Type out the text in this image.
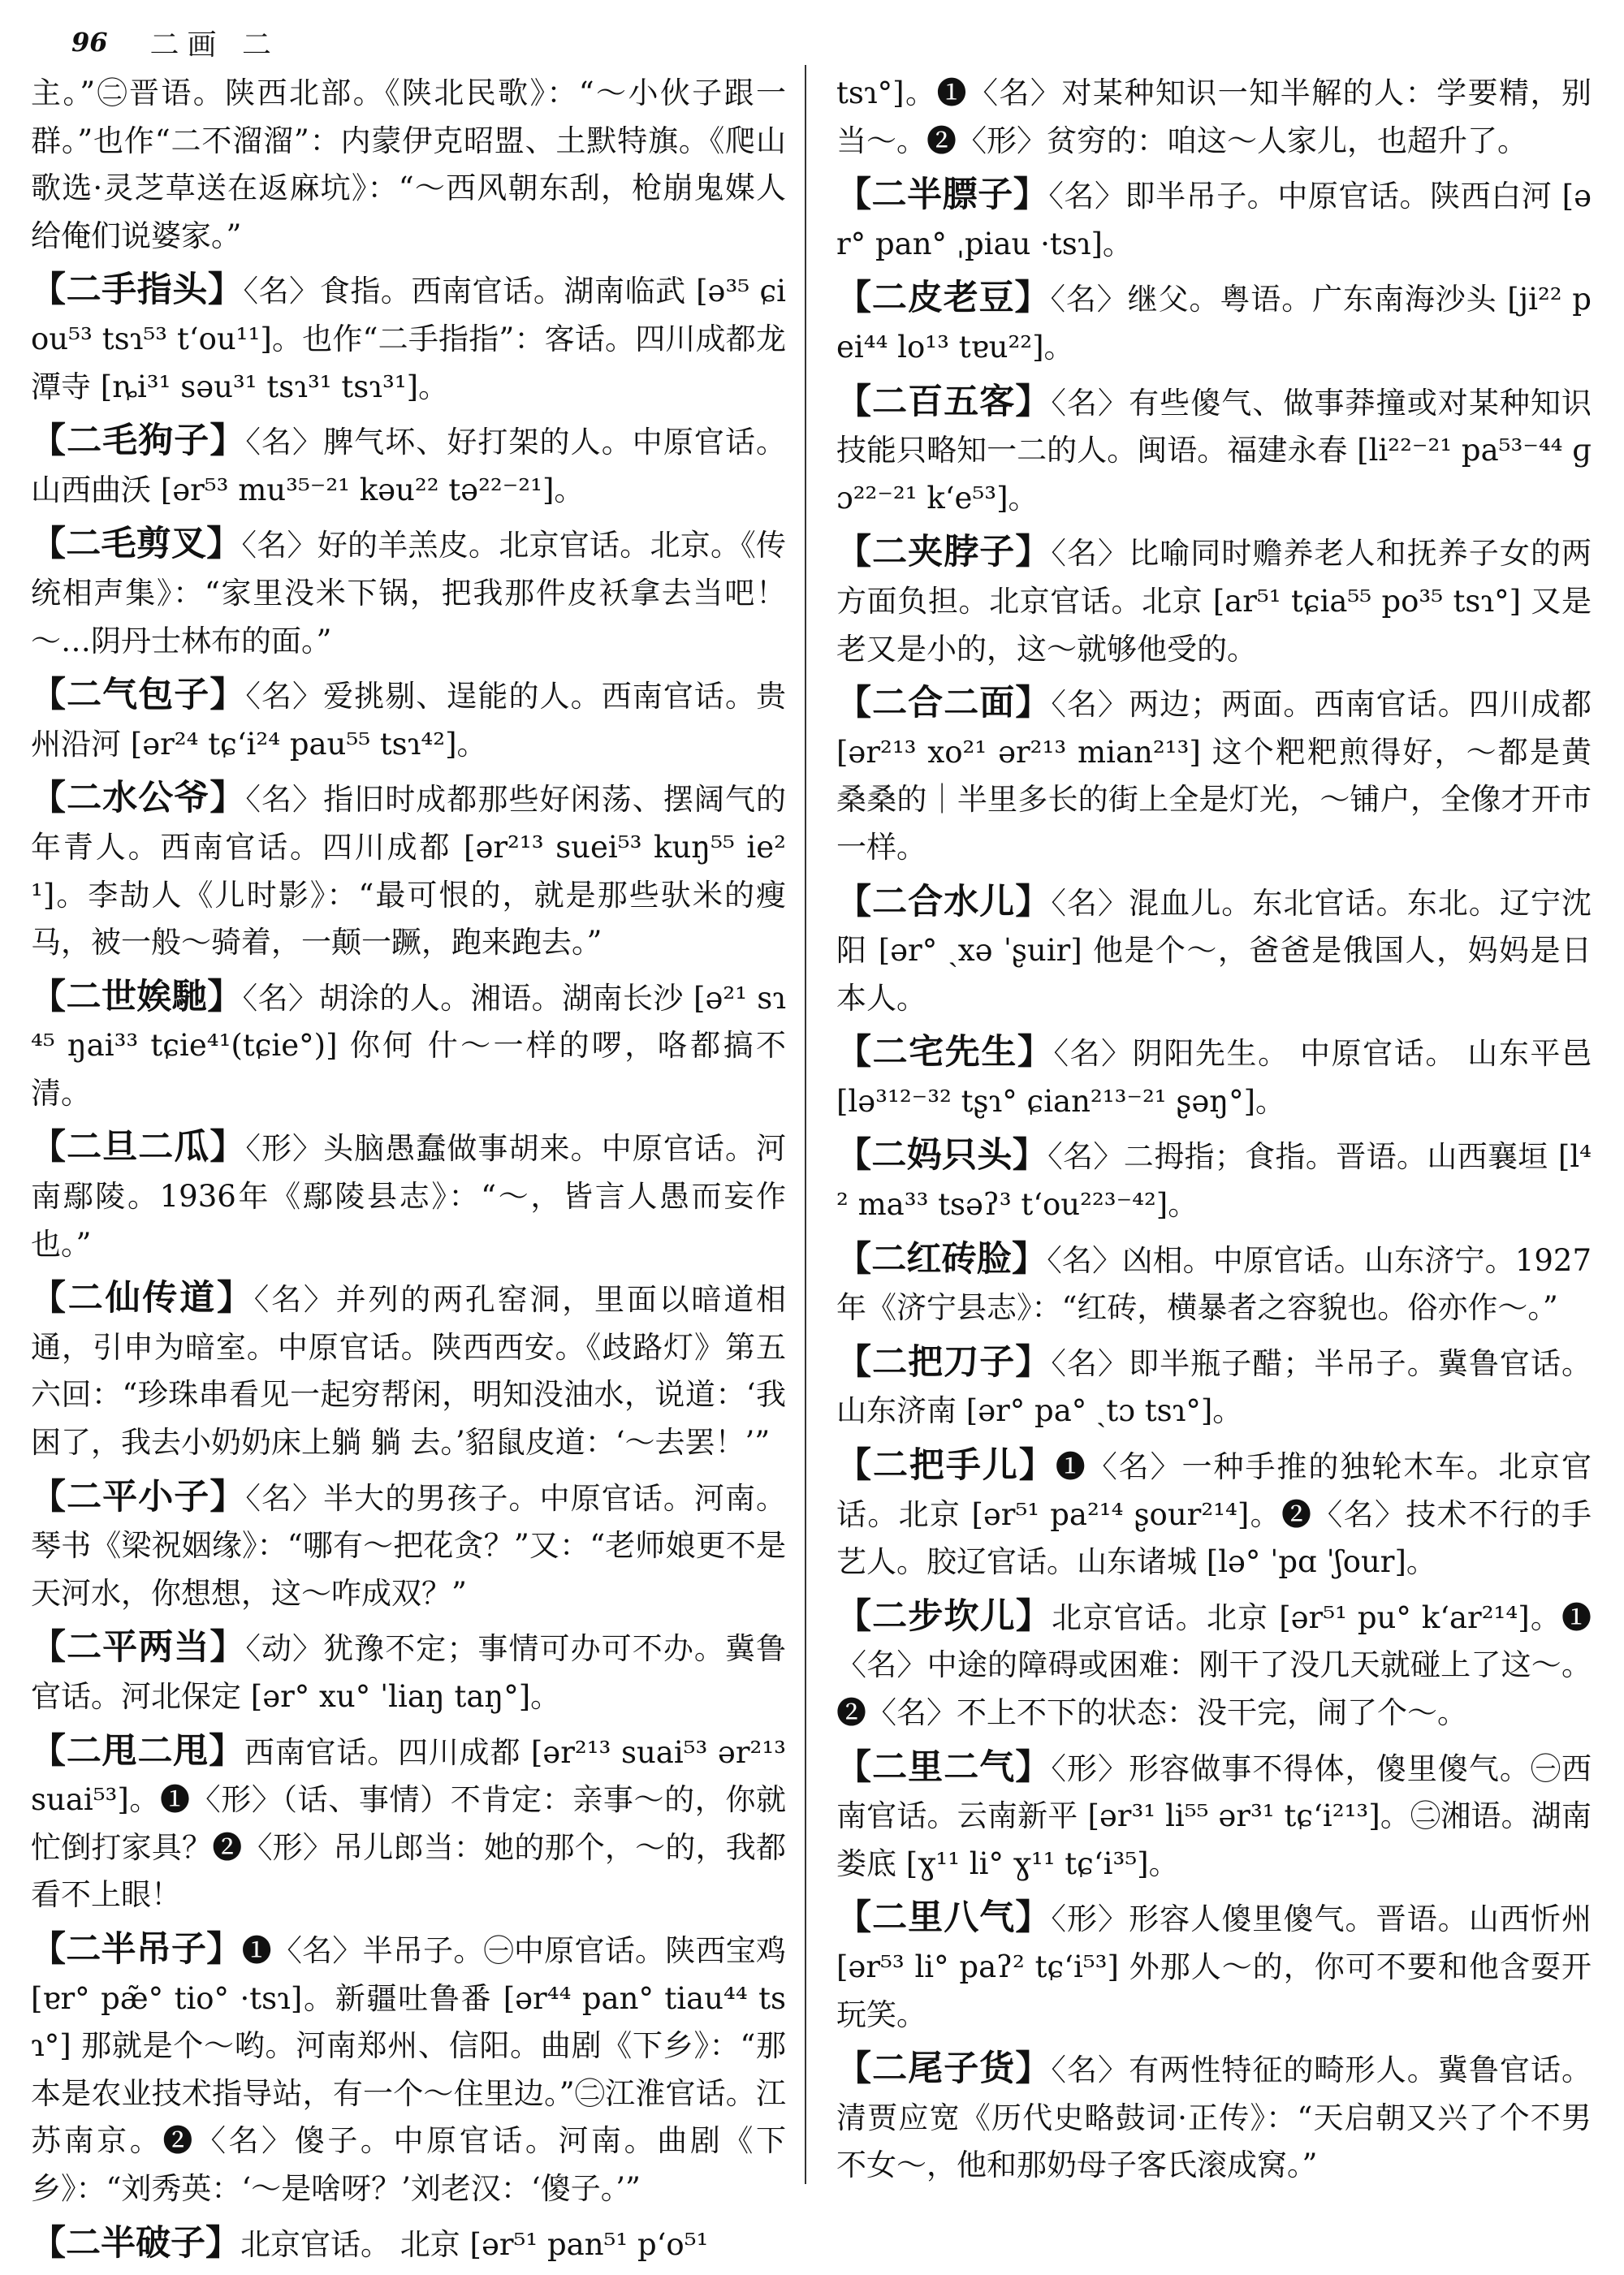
96 二画 二

主。”㊁晋语。陕西北部。《陕北民歌》：“～小伙子跟一群。”也作“二不溜溜”：内蒙伊克昭盟、土默特旗。《爬山歌选·灵芝草送在返麻坑》：“～西风朝东刮，枪崩鬼媒人给俺们说婆家。”

【二手指头】〈名〉食指。西南官话。湖南临武 [ə³⁵ ɕiou⁵³ tsɿ⁵³ tʻou¹¹]。也作“二手指指”：客话。四川成都龙潭寺 [ȵi³¹ səu³¹ tsɿ³¹ tsɿ³¹]。

【二毛狗子】〈名〉脾气坏、好打架的人。中原官话。山西曲沃 [ər⁵³ mu³⁵⁻²¹ kəu²² tə²²⁻²¹]。

【二毛剪叉】〈名〉好的羊羔皮。北京官话。北京。《传统相声集》：“家里没米下锅，把我那件皮袄拿去当吧！～…阴丹士林布的面。”

【二气包子】〈名〉爱挑剔、逞能的人。西南官话。贵州沿河 [ər²⁴ tɕʻi²⁴ pau⁵⁵ tsɿ⁴²]。

【二水公爷】〈名〉指旧时成都那些好闲荡、摆阔气的年青人。西南官话。四川成都 [ər²¹³ suei⁵³ kuŋ⁵⁵ ie²¹]。李劼人《儿时影》：“最可恨的，就是那些驮米的瘦马，被一般～骑着，一颠一蹶，跑来跑去。”

【二世娭馳】〈名〉胡涂的人。湘语。湖南长沙 [ə²¹ sɿ⁴⁵ ŋai³³ tɕie⁴¹(tɕie°)] 你何 什～一样的啰，咯都搞不清。

【二旦二瓜】〈形〉头脑愚蠢做事胡来。中原官话。河南鄢陵。1936年《鄢陵县志》：“～，皆言人愚而妄作也。”

【二仙传道】〈名〉并列的两孔窑洞，里面以暗道相通，引申为暗室。中原官话。陕西西安。《歧路灯》第五六回：“珍珠串看见一起穷帮闲，明知没油水，说道：‘我困了，我去小奶奶床上躺 躺 去。’貂鼠皮道：‘～去罢！’”

【二平小子】〈名〉半大的男孩子。中原官话。河南。琴书《梁祝姻缘》：“哪有～把花贪？”又：“老师娘更不是天河水，你想想，这～咋成双？”

【二平两当】〈动〉犹豫不定；事情可办可不办。冀鲁官话。河北保定 [ər° xu° ˈliaŋ taŋ°]。

【二甩二甩】西南官话。四川成都 [ər²¹³ suai⁵³ ər²¹³ suai⁵³]。❶〈形〉（话、事情）不肯定：亲事～的，你就忙倒打家具？❷〈形〉吊儿郎当：她的那个，～的，我都看不上眼！

【二半吊子】❶〈名〉半吊子。㊀中原官话。陕西宝鸡 [ɐr° pæ̃° tio° ·tsɿ]。新疆吐鲁番 [ər⁴⁴ pan° tiau⁴⁴ tsɿ°] 那就是个～哟。河南郑州、信阳。曲剧《下乡》：“那本是农业技术指导站，有一个～住里边。”㊁江淮官话。江苏南京。❷〈名〉傻子。中原官话。河南。曲剧《下乡》：“刘秀英：‘～是啥呀？’刘老汉：‘傻子。’”

【二半破子】北京官话。 北京 [ər⁵¹ pan⁵¹ pʻo⁵¹

tsɿ°]。❶〈名〉对某种知识一知半解的人：学要精，别当～。❷〈形〉贫穷的：咱这～人家儿，也超升了。

【二半膘子】〈名〉即半吊子。中原官话。陕西白河 [ər° pan° ˌpiau ·tsɿ]。

【二皮老豆】〈名〉继父。粤语。广东南海沙头 [ji²² pei⁴⁴ lo¹³ tɐu²²]。

【二百五客】〈名〉有些傻气、做事莽撞或对某种知识技能只略知一二的人。闽语。福建永春 [li²²⁻²¹ pa⁵³⁻⁴⁴ ɡɔ²²⁻²¹ kʻe⁵³]。

【二夹脖子】〈名〉比喻同时赡养老人和抚养子女的两方面负担。北京官话。北京 [ar⁵¹ tɕia⁵⁵ po³⁵ tsɿ°] 又是老又是小的，这～就够他受的。

【二合二面】〈名〉两边；两面。西南官话。四川成都 [ər²¹³ xo²¹ ər²¹³ mian²¹³] 这个粑粑煎得好，～都是黄桑桑的｜半里多长的街上全是灯光，～铺户，全像才开市一样。

【二合水儿】〈名〉混血儿。东北官话。东北。辽宁沈阳 [ər° ˏxə ˈʂuir] 他是个～，爸爸是俄国人，妈妈是日本人。

【二宅先生】〈名〉阴阳先生。 中原官话。 山东平邑 [lə³¹²⁻³² tʂɿ° ɕian²¹³⁻²¹ ʂəŋ°]。

【二妈只头】〈名〉二拇指；食指。晋语。山西襄垣 [l⁴² ma³³ tsəʔ³ tʻou²²³⁻⁴²]。

【二红砖脸】〈名〉凶相。中原官话。山东济宁。1927年《济宁县志》：“红砖，横暴者之容貌也。俗亦作～。”

【二把刀子】〈名〉即半瓶子醋；半吊子。冀鲁官话。山东济南 [ər° pa° ˏtɔ tsɿ°]。

【二把手儿】❶〈名〉一种手推的独轮木车。北京官话。北京 [ər⁵¹ pa²¹⁴ ʂour²¹⁴]。❷〈名〉技术不行的手艺人。胶辽官话。山东诸城 [lə° ˈpɑ ˈʃour]。

【二步坎儿】北京官话。北京 [ər⁵¹ pu° kʻar²¹⁴]。❶〈名〉中途的障碍或困难：刚干了没几天就碰上了这～。❷〈名〉不上不下的状态：没干完，闹了个～。

【二里二气】〈形〉形容做事不得体，傻里傻气。㊀西南官话。云南新平 [ər³¹ li⁵⁵ ər³¹ tɕʻi²¹³]。㊁湘语。湖南娄底 [ɣ¹¹ li° ɣ¹¹ tɕʻi³⁵]。

【二里八气】〈形〉形容人傻里傻气。晋语。山西忻州 [ər⁵³ li° paʔ² tɕʻi⁵³] 外那人～的，你可不要和他含耍开玩笑。

【二尾子货】〈名〉有两性特征的畸形人。冀鲁官话。清贾应宽《历代史略鼓词·正传》：“天启朝又兴了个不男不女～，他和那奶母子客氏滚成窝。”
